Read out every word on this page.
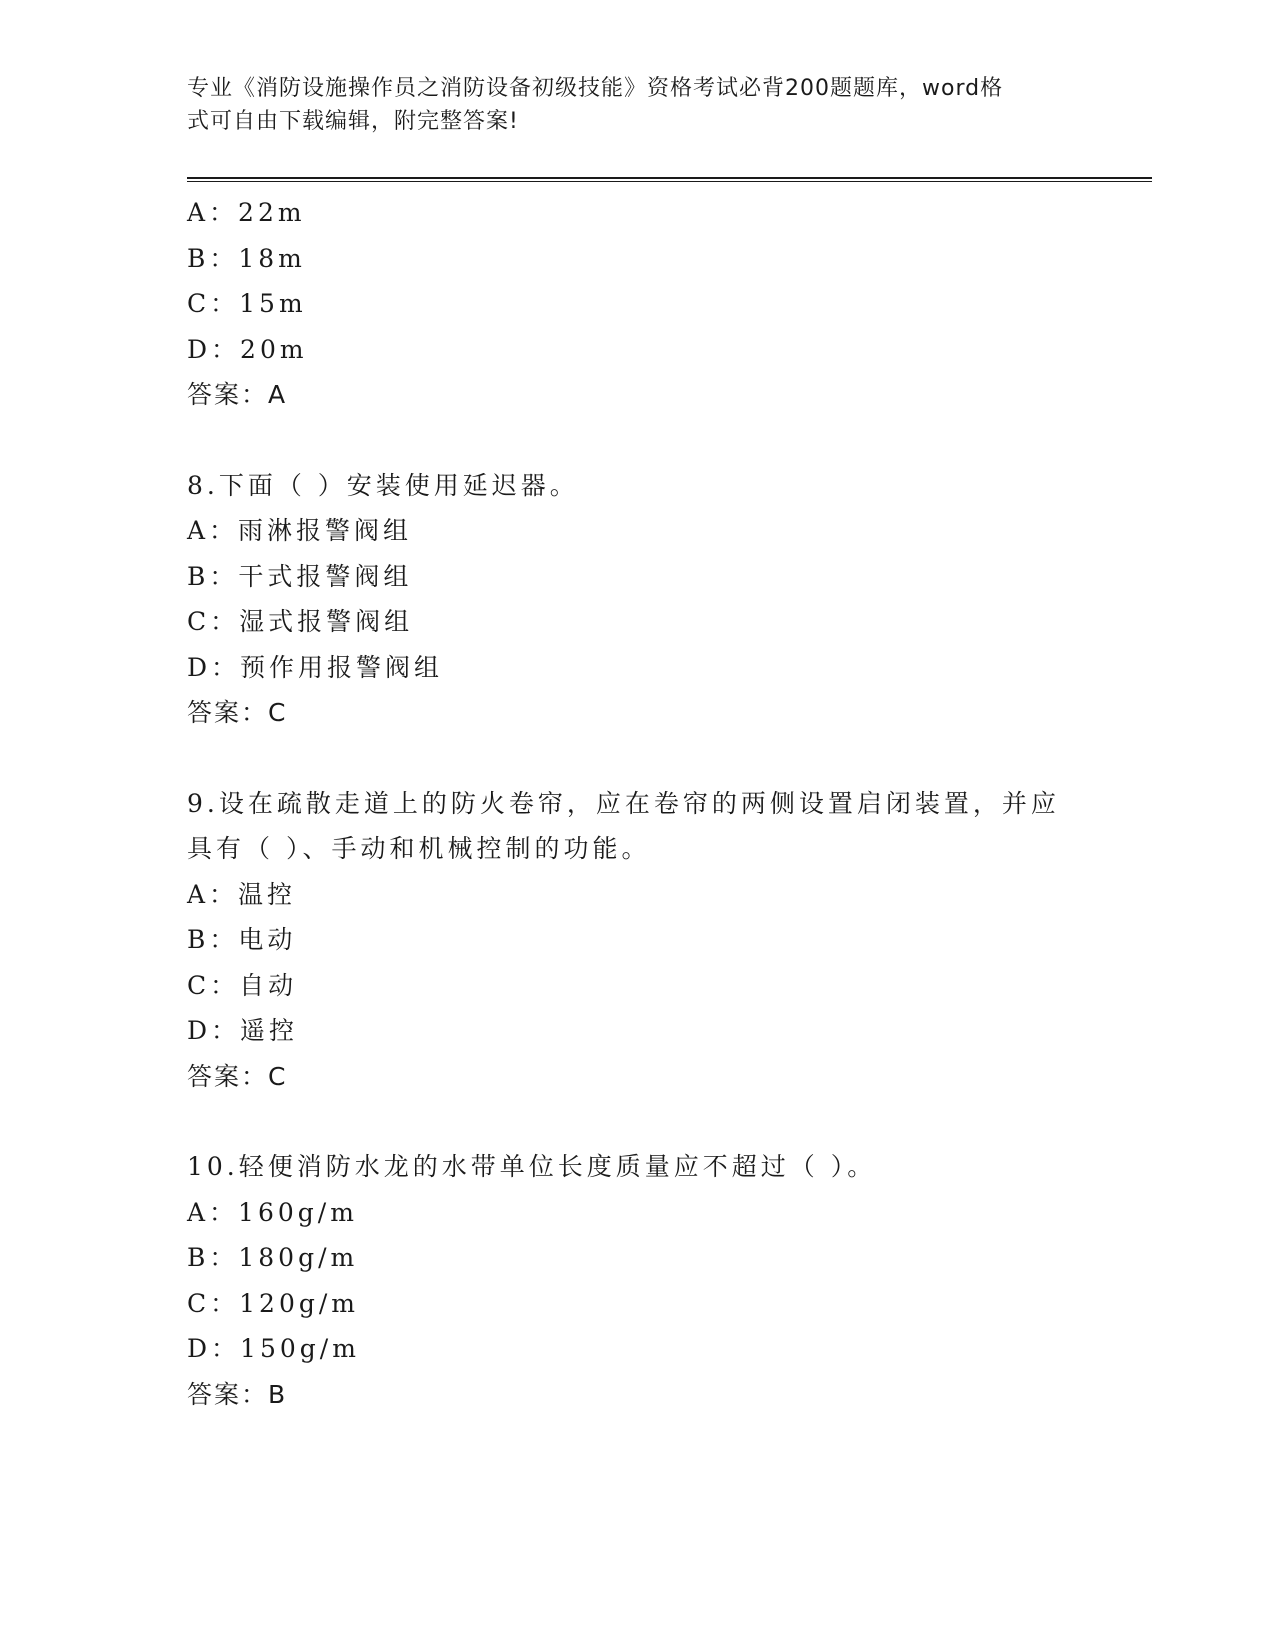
专业《消防设施操作员之消防设备初级技能》资格考试必背200题题库，word格
式可自由下载编辑，附完整答案!
A：22m
B：18m
C：15m
D：20m
答案：A
8.下面（ ）安装使用延迟器。
A：雨淋报警阀组
B：干式报警阀组
C：湿式报警阀组
D：预作用报警阀组
答案：C
9.设在疏散走道上的防火卷帘，应在卷帘的两侧设置启闭装置，并应
具有（ ）、手动和机械控制的功能。
A：温控
B：电动
C：自动
D：遥控
答案：C
10.轻便消防水龙的水带单位长度质量应不超过（ ）。
A：160g/m
B：180g/m
C：120g/m
D：150g/m
答案：B
